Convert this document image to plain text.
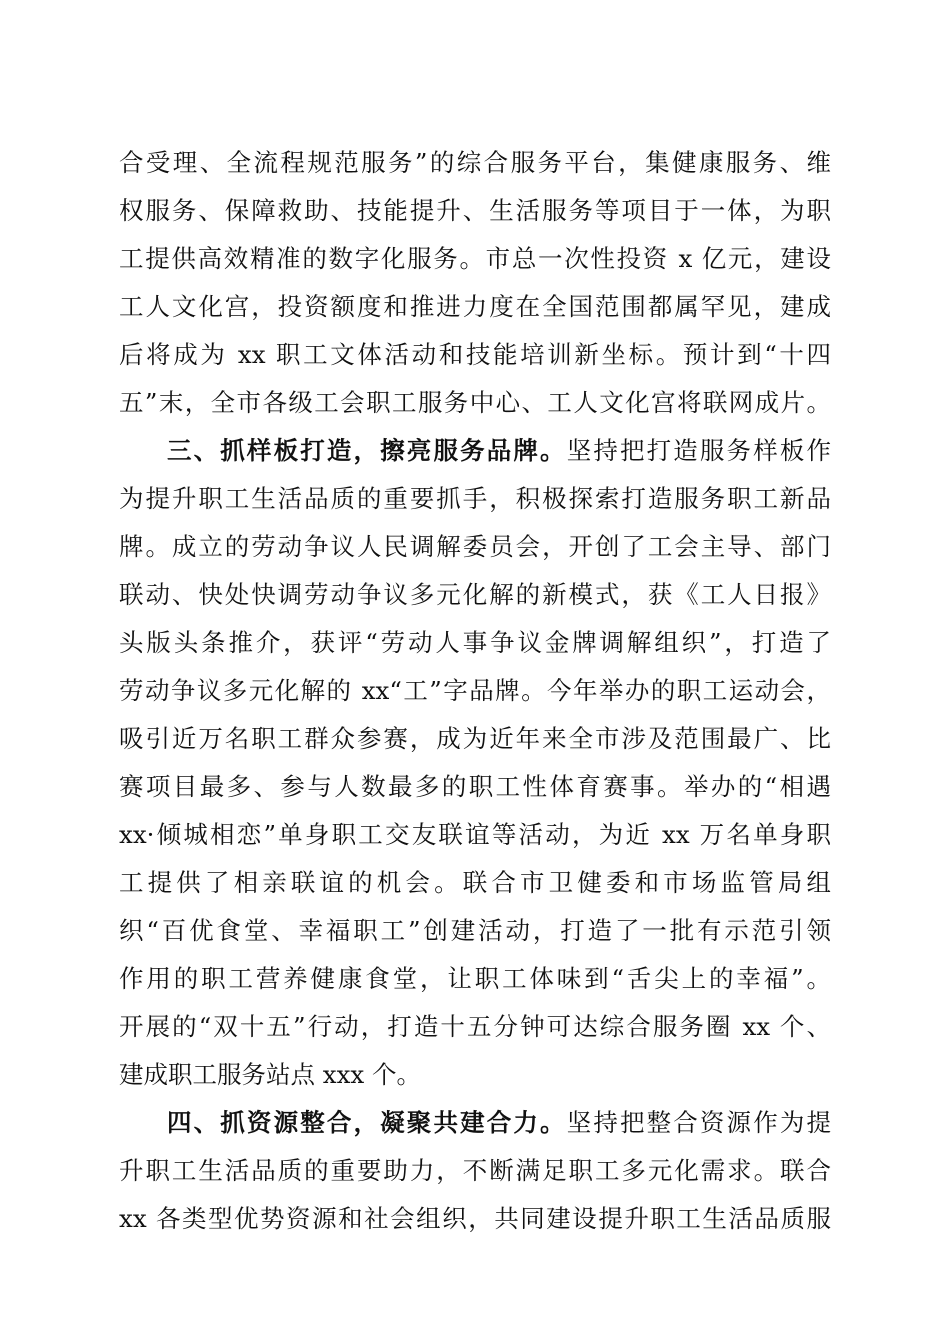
合受理、全流程规范服务”的综合服务平台，集健康服务、维
权服务、保障救助、技能提升、生活服务等项目于一体，为职
工提供高效精准的数字化服务。市总一次性投资 x 亿元，建设
工人文化宫，投资额度和推进力度在全国范围都属罕见，建成
后将成为 xx 职工文体活动和技能培训新坐标。预计到“十四
五”末，全市各级工会职工服务中心、工人文化宫将联网成片。
三、抓样板打造，擦亮服务品牌。坚持把打造服务样板作
为提升职工生活品质的重要抓手，积极探索打造服务职工新品
牌。成立的劳动争议人民调解委员会，开创了工会主导、部门
联动、快处快调劳动争议多元化解的新模式，获《工人日报》
头版头条推介，获评“劳动人事争议金牌调解组织”，打造了
劳动争议多元化解的 xx“工”字品牌。今年举办的职工运动会，
吸引近万名职工群众参赛，成为近年来全市涉及范围最广、比
赛项目最多、参与人数最多的职工性体育赛事。举办的“相遇
xx·倾城相恋”单身职工交友联谊等活动，为近 xx 万名单身职
工提供了相亲联谊的机会。联合市卫健委和市场监管局组
织“百优食堂、幸福职工”创建活动，打造了一批有示范引领
作用的职工营养健康食堂，让职工体味到“舌尖上的幸福”。
开展的“双十五”行动，打造十五分钟可达综合服务圈 xx 个、
建成职工服务站点 xxx 个。
四、抓资源整合，凝聚共建合力。坚持把整合资源作为提
升职工生活品质的重要助力，不断满足职工多元化需求。联合
xx 各类型优势资源和社会组织，共同建设提升职工生活品质服
